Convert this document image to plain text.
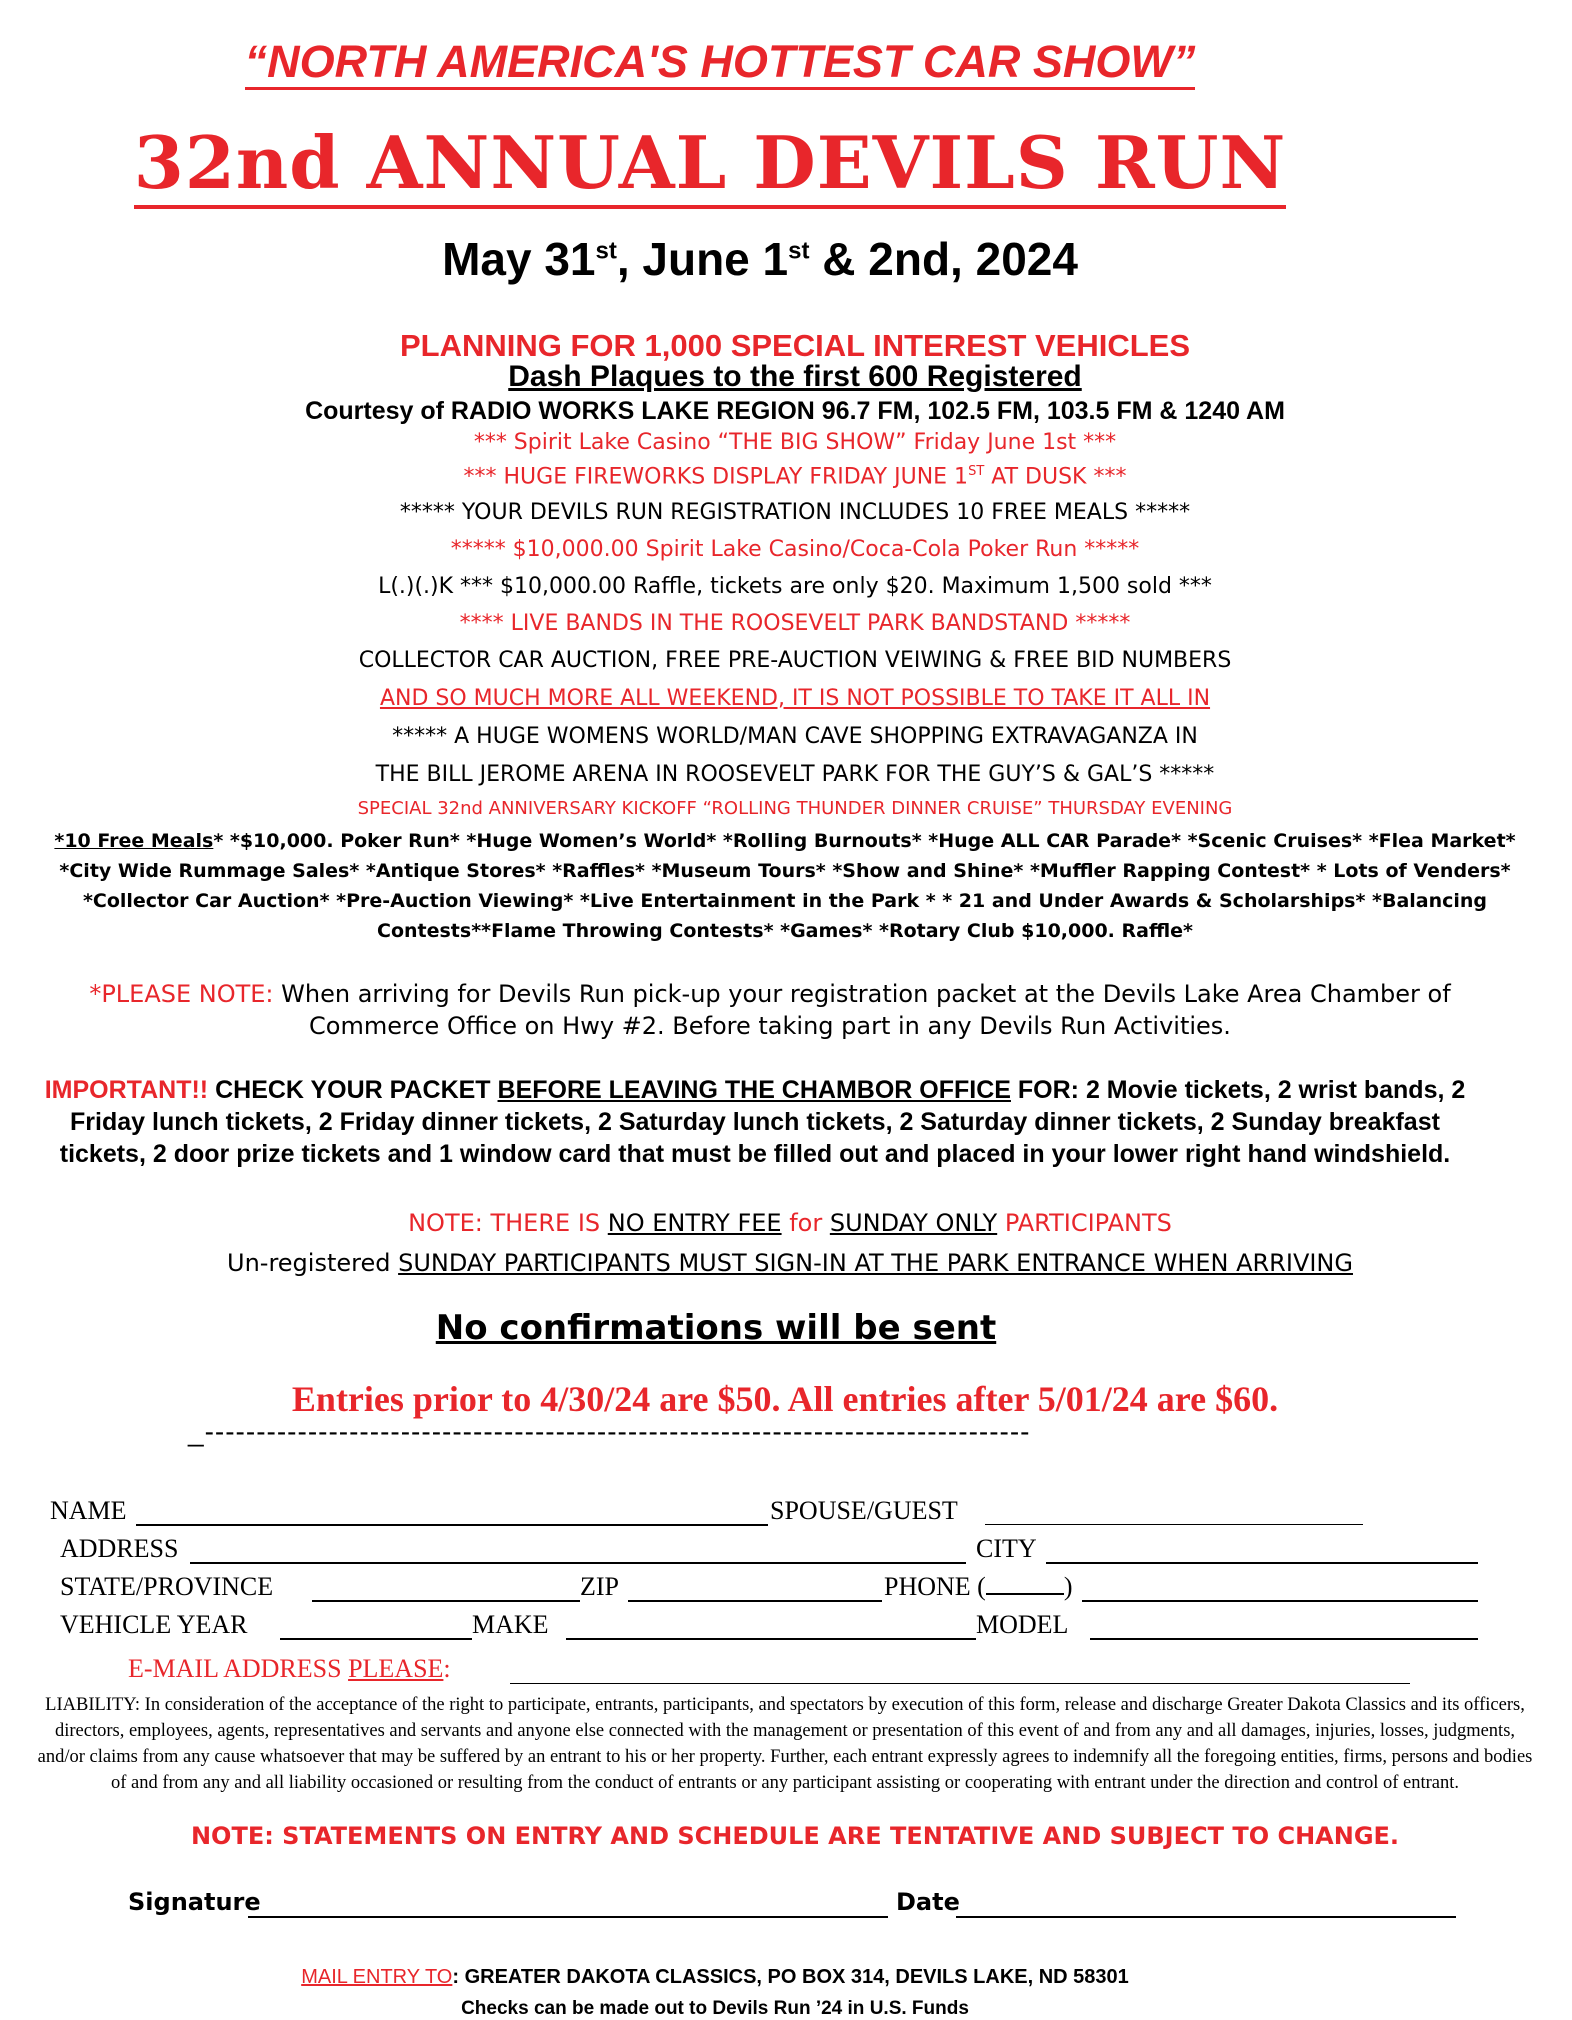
“NORTH AMERICA'S HOTTEST CAR SHOW”
32nd ANNUAL DEVILS RUN
May 31st, June 1st & 2nd, 2024
PLANNING FOR 1,000 SPECIAL INTEREST VEHICLES
Dash Plaques to the first 600 Registered
Courtesy of RADIO WORKS LAKE REGION 96.7 FM, 102.5 FM, 103.5 FM & 1240 AM
*** Spirit Lake Casino “THE BIG SHOW” Friday June 1st ***
*** HUGE FIREWORKS DISPLAY FRIDAY JUNE 1ST AT DUSK ***
***** YOUR DEVILS RUN REGISTRATION INCLUDES 10 FREE MEALS *****
***** $10,000.00 Spirit Lake Casino/Coca-Cola Poker Run *****
L(.)(.)K *** $10,000.00 Raffle, tickets are only $20. Maximum 1,500 sold ***
**** LIVE BANDS IN THE ROOSEVELT PARK BANDSTAND *****
COLLECTOR CAR AUCTION, FREE PRE-AUCTION VEIWING & FREE BID NUMBERS
AND SO MUCH MORE ALL WEEKEND, IT IS NOT POSSIBLE TO TAKE IT ALL IN
***** A HUGE WOMENS WORLD/MAN CAVE SHOPPING EXTRAVAGANZA IN
THE BILL JEROME ARENA IN ROOSEVELT PARK FOR THE GUY’S & GAL’S *****
SPECIAL 32nd ANNIVERSARY KICKOFF “ROLLING THUNDER DINNER CRUISE” THURSDAY EVENING
*10 Free Meals* *$10,000. Poker Run* *Huge Women’s World* *Rolling Burnouts* *Huge ALL CAR Parade* *Scenic Cruises* *Flea Market* *City Wide Rummage Sales* *Antique Stores* *Raffles* *Museum Tours* *Show and Shine* *Muffler Rapping Contest* * Lots of Venders* *Collector Car Auction* *Pre-Auction Viewing* *Live Entertainment in the Park * * 21 and Under Awards & Scholarships* *Balancing Contests**Flame Throwing Contests* *Games* *Rotary Club $10,000. Raffle*
*PLEASE NOTE: When arriving for Devils Run pick-up your registration packet at the Devils Lake Area Chamber of Commerce Office on Hwy #2. Before taking part in any Devils Run Activities.
IMPORTANT!! CHECK YOUR PACKET BEFORE LEAVING THE CHAMBOR OFFICE FOR: 2 Movie tickets, 2 wrist bands, 2 Friday lunch tickets, 2 Friday dinner tickets, 2 Saturday lunch tickets, 2 Saturday dinner tickets, 2 Sunday breakfast tickets, 2 door prize tickets and 1 window card that must be filled out and placed in your lower right hand windshield.
NOTE: THERE IS NO ENTRY FEE for SUNDAY ONLY PARTICIPANTS
Un-registered SUNDAY PARTICIPANTS MUST SIGN-IN AT THE PARK ENTRANCE WHEN ARRIVING
No confirmations will be sent
Entries prior to 4/30/24 are $50. All entries after 5/01/24 are $60.
_--------------------------------------------------------------------------------
NAME	SPOUSE/GUEST
ADDRESS	CITY
STATE/PROVINCE	ZIP	PHONE (	)
VEHICLE YEAR	MAKE	MODEL
E-MAIL ADDRESS PLEASE:
LIABILITY: In consideration of the acceptance of the right to participate, entrants, participants, and spectators by execution of this form, release and discharge Greater Dakota Classics and its officers, directors, employees, agents, representatives and servants and anyone else connected with the management or presentation of this event of and from any and all damages, injuries, losses, judgments, and/or claims from any cause whatsoever that may be suffered by an entrant to his or her property. Further, each entrant expressly agrees to indemnify all the foregoing entities, firms, persons and bodies of and from any and all liability occasioned or resulting from the conduct of entrants or any participant assisting or cooperating with entrant under the direction and control of entrant.
NOTE: STATEMENTS ON ENTRY AND SCHEDULE ARE TENTATIVE AND SUBJECT TO CHANGE.
Signature	Date
MAIL ENTRY TO: GREATER DAKOTA CLASSICS, PO BOX 314, DEVILS LAKE, ND 58301
Checks can be made out to Devils Run ’24 in U.S. Funds
